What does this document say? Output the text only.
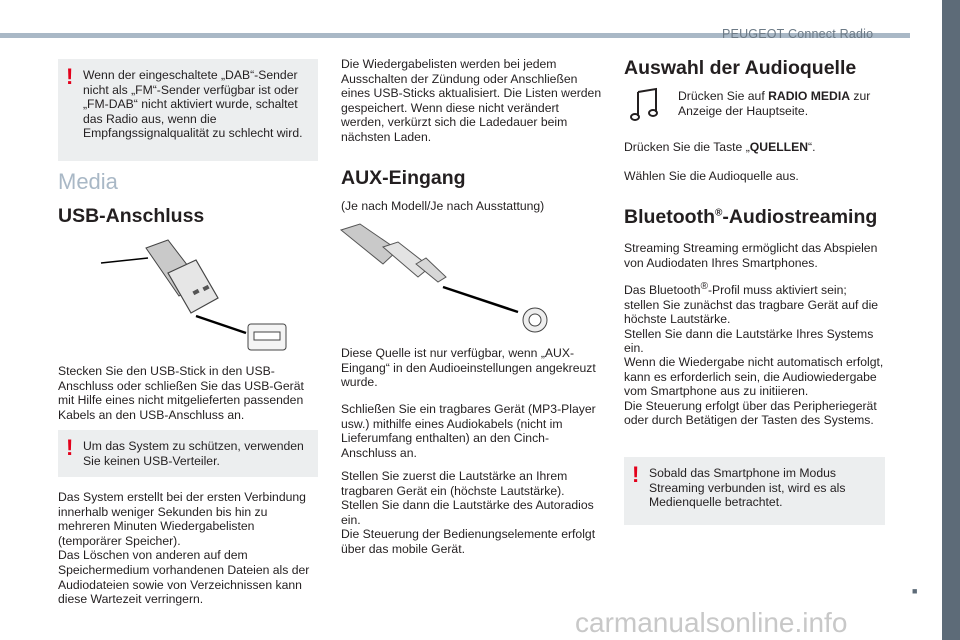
PEUGEOT Connect Radio
! Wenn der eingeschaltete „DAB“-Sender nicht als „FM“-Sender verfügbar ist oder „FM-DAB“ nicht aktiviert wurde, schaltet das Radio aus, wenn die Empfangssignalqualität zu schlecht wird.
Media
USB-Anschluss
Stecken Sie den USB-Stick in den USB-Anschluss oder schließen Sie das USB-Gerät mit Hilfe eines nicht mitgelieferten passenden Kabels an den USB-Anschluss an.
! Um das System zu schützen, verwenden Sie keinen USB-Verteiler.
Das System erstellt bei der ersten Verbindung innerhalb weniger Sekunden bis hin zu mehreren Minuten Wiedergabelisten (temporärer Speicher).
Das Löschen von anderen auf dem Speichermedium vorhandenen Dateien als der Audiodateien sowie von Verzeichnissen kann diese Wartezeit verringern.
Die Wiedergabelisten werden bei jedem Ausschalten der Zündung oder Anschließen eines USB-Sticks aktualisiert. Die Listen werden gespeichert. Wenn diese nicht verändert werden, verkürzt sich die Ladedauer beim nächsten Laden.
AUX-Eingang
(Je nach Modell/Je nach Ausstattung)
Diese Quelle ist nur verfügbar, wenn „AUX-Eingang“ in den Audioeinstellungen angekreuzt wurde.
Schließen Sie ein tragbares Gerät (MP3-Player usw.) mithilfe eines Audiokabels (nicht im Lieferumfang enthalten) an den Cinch-Anschluss an.
Stellen Sie zuerst die Lautstärke an Ihrem tragbaren Gerät ein (höchste Lautstärke).
Stellen Sie dann die Lautstärke des Autoradios ein.
Die Steuerung der Bedienungselemente erfolgt über das mobile Gerät.
Auswahl der Audioquelle
Drücken Sie auf RADIO MEDIA zur Anzeige der Hauptseite.
Drücken Sie die Taste „QUELLEN“.
Wählen Sie die Audioquelle aus.
Bluetooth®-Audiostreaming
Streaming Streaming ermöglicht das Abspielen von Audiodaten Ihres Smartphones.
Das Bluetooth®-Profil muss aktiviert sein;
stellen Sie zunächst das tragbare Gerät auf die höchste Lautstärke.
Stellen Sie dann die Lautstärke Ihres Systems ein.
Wenn die Wiedergabe nicht automatisch erfolgt, kann es erforderlich sein, die Audiowiedergabe vom Smartphone aus zu initiieren.
Die Steuerung erfolgt über das Peripheriegerät oder durch Betätigen der Tasten des Systems.
! Sobald das Smartphone im Modus Streaming verbunden ist, wird es als Medienquelle betrachtet.
■
carmanualsonline.info
